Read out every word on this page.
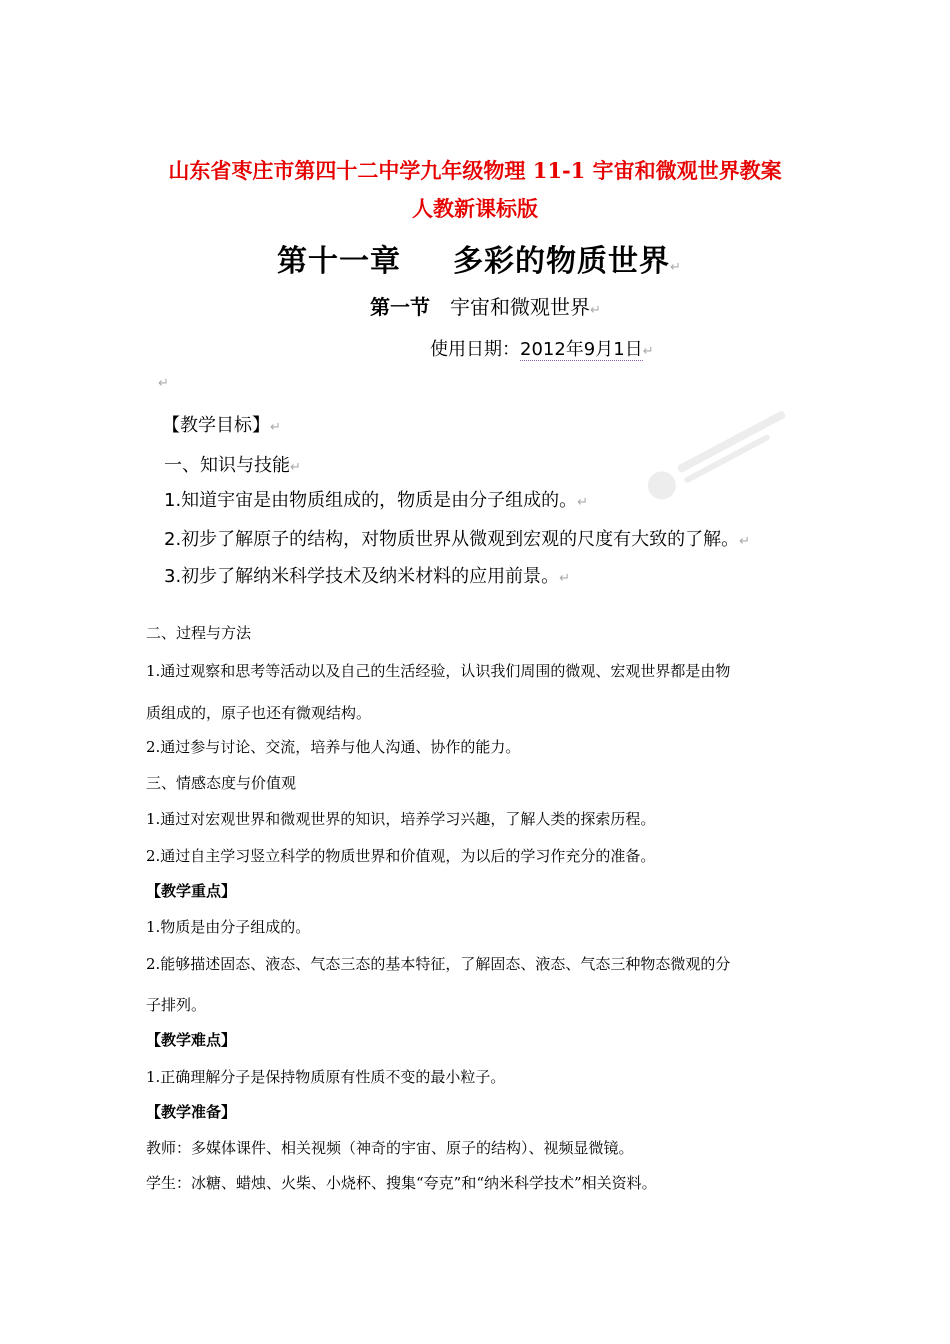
山东省枣庄市第四十二中学九年级物理 11-1 宇宙和微观世界教案
人教新课标版
第十一章 多彩的物质世界↵
第一节 宇宙和微观世界↵
使用日期：2012年9月1日↵
↵
【教学目标】↵
一、知识与技能↵
1.知道宇宙是由物质组成的，物质是由分子组成的。↵
2.初步了解原子的结构，对物质世界从微观到宏观的尺度有大致的了解。↵
3.初步了解纳米科学技术及纳米材料的应用前景。↵
二、过程与方法
1.通过观察和思考等活动以及自己的生活经验，认识我们周围的微观、宏观世界都是由物
质组成的，原子也还有微观结构。
2.通过参与讨论、交流，培养与他人沟通、协作的能力。
三、情感态度与价值观
1.通过对宏观世界和微观世界的知识，培养学习兴趣，了解人类的探索历程。
2.通过自主学习竖立科学的物质世界和价值观，为以后的学习作充分的准备。
【教学重点】
1.物质是由分子组成的。
2.能够描述固态、液态、气态三态的基本特征，了解固态、液态、气态三种物态微观的分
子排列。
【教学难点】
1.正确理解分子是保持物质原有性质不变的最小粒子。
【教学准备】
教师：多媒体课件、相关视频（神奇的宇宙、原子的结构）、视频显微镜。
学生：冰糖、蜡烛、火柴、小烧杯、搜集“夸克”和“纳米科学技术”相关资料。
